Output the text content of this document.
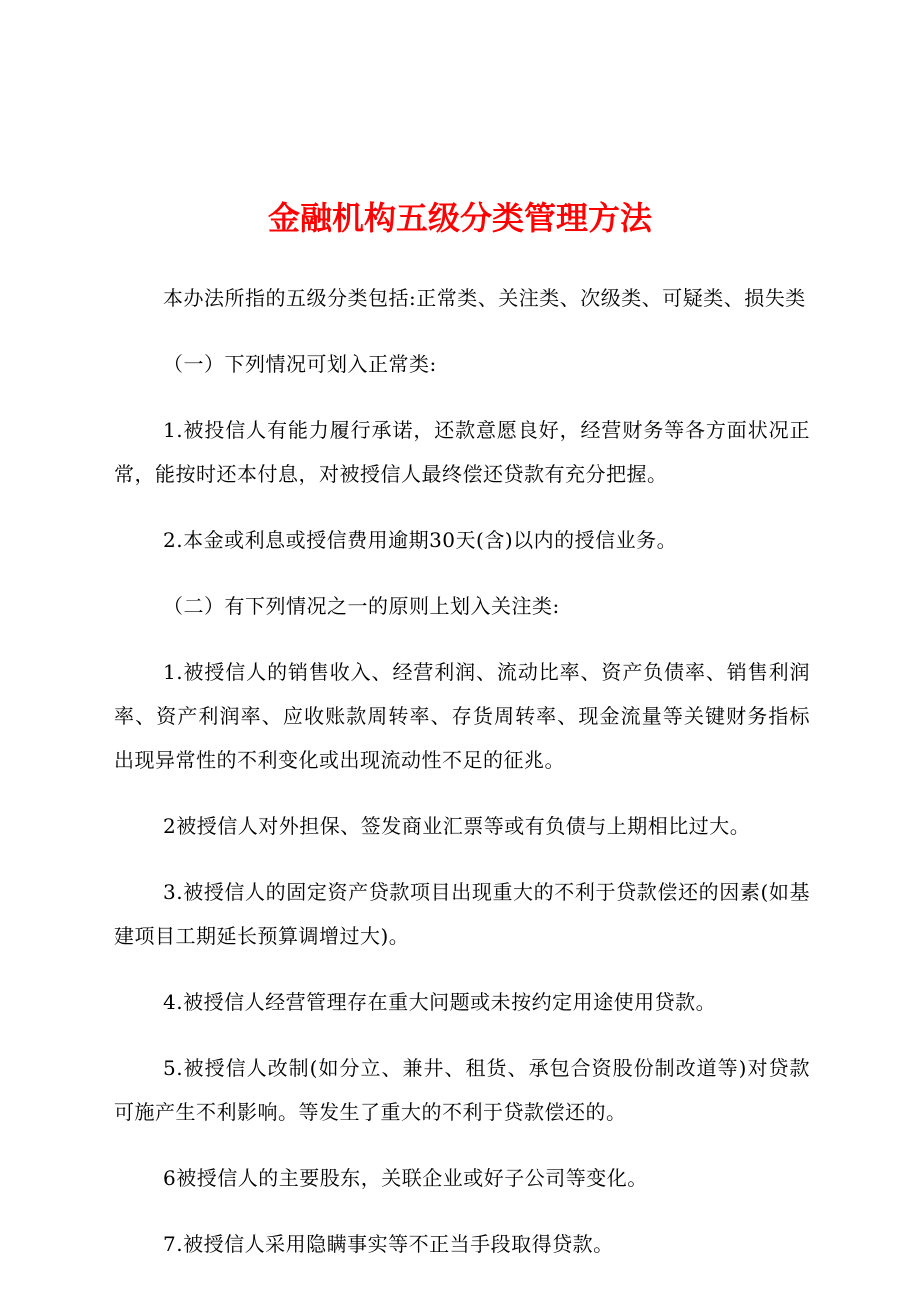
金融机构五级分类管理方法

本办法所指的五级分类包括:正常类、关注类、次级类、可疑类、损失类

（一）下列情况可划入正常类:

1.被投信人有能力履行承诺，还款意愿良好，经营财务等各方面状况正常，能按时还本付息，对被授信人最终偿还贷款有充分把握。

2.本金或利息或授信费用逾期30天(含)以内的授信业务。

（二）有下列情况之一的原则上划入关注类:

1.被授信人的销售收入、经营利润、流动比率、资产负债率、销售利润率、资产利润率、应收账款周转率、存货周转率、现金流量等关键财务指标出现异常性的不利变化或出现流动性不足的征兆。

2被授信人对外担保、签发商业汇票等或有负债与上期相比过大。

3.被授信人的固定资产贷款项目出现重大的不利于贷款偿还的因素(如基建项目工期延长预算调增过大)。

4.被授信人经营管理存在重大问题或未按约定用途使用贷款。

5.被授信人改制(如分立、兼井、租货、承包合资股份制改道等)对贷款可施产生不利影响。等发生了重大的不利于贷款偿还的。

6被授信人的主要股东，关联企业或好子公司等变化。

7.被授信人采用隐瞒事实等不正当手段取得贷款。
